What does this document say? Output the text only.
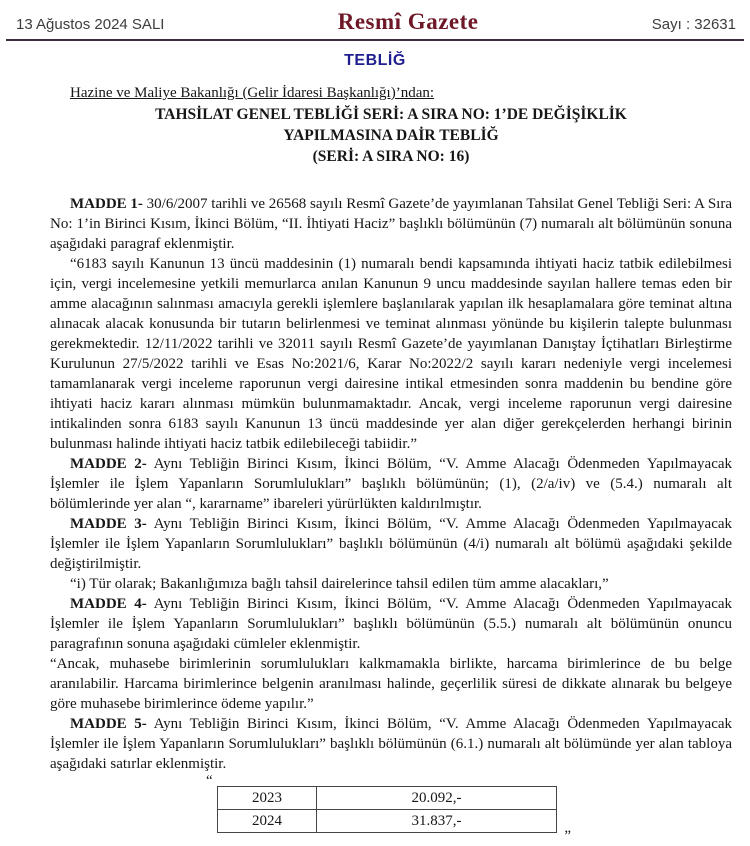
13 Ağustos 2024 SALI	Resmî Gazete	Sayı : 32631
TEBLİĞ

Hazine ve Maliye Bakanlığı (Gelir İdaresi Başkanlığı)’ndan:

TAHSİLAT GENEL TEBLİĞİ SERİ: A SIRA NO: 1’DE DEĞİŞİKLİK
YAPILMASINA DAİR TEBLİĞ
(SERİ: A SIRA NO: 16)

MADDE 1- 30/6/2007 tarihli ve 26568 sayılı Resmî Gazete’de yayımlanan Tahsilat Genel Tebliği Seri: A Sıra No: 1’in Birinci Kısım, İkinci Bölüm, “II. İhtiyati Haciz” başlıklı bölümünün (7) numaralı alt bölümünün sonuna aşağıdaki paragraf eklenmiştir.

“6183 sayılı Kanunun 13 üncü maddesinin (1) numaralı bendi kapsamında ihtiyati haciz tatbik edilebilmesi için, vergi incelemesine yetkili memurlarca anılan Kanunun 9 uncu maddesinde sayılan hallere temas eden bir amme alacağının salınması amacıyla gerekli işlemlere başlanılarak yapılan ilk hesaplamalara göre teminat altına alınacak alacak konusunda bir tutarın belirlenmesi ve teminat alınması yönünde bu kişilerin talepte bulunması gerekmektedir. 12/11/2022 tarihli ve 32011 sayılı Resmî Gazete’de yayımlanan Danıştay İçtihatları Birleştirme Kurulunun 27/5/2022 tarihli ve Esas No:2021/6, Karar No:2022/2 sayılı kararı nedeniyle vergi incelemesi tamamlanarak vergi inceleme raporunun vergi dairesine intikal etmesinden sonra maddenin bu bendine göre ihtiyati haciz kararı alınması mümkün bulunmamaktadır. Ancak, vergi inceleme raporunun vergi dairesine intikalinden sonra 6183 sayılı Kanunun 13 üncü maddesinde yer alan diğer gerekçelerden herhangi birinin bulunması halinde ihtiyati haciz tatbik edilebileceği tabiidir.”

MADDE 2- Aynı Tebliğin Birinci Kısım, İkinci Bölüm, “V. Amme Alacağı Ödenmeden Yapılmayacak İşlemler ile İşlem Yapanların Sorumlulukları” başlıklı bölümünün; (1), (2/a/iv) ve (5.4.) numaralı alt bölümlerinde yer alan “, kararname” ibareleri yürürlükten kaldırılmıştır.

MADDE 3- Aynı Tebliğin Birinci Kısım, İkinci Bölüm, “V. Amme Alacağı Ödenmeden Yapılmayacak İşlemler ile İşlem Yapanların Sorumlulukları” başlıklı bölümünün (4/i) numaralı alt bölümü aşağıdaki şekilde değiştirilmiştir.

“i) Tür olarak; Bakanlığımıza bağlı tahsil dairelerince tahsil edilen tüm amme alacakları,”

MADDE 4- Aynı Tebliğin Birinci Kısım, İkinci Bölüm, “V. Amme Alacağı Ödenmeden Yapılmayacak İşlemler ile İşlem Yapanların Sorumlulukları” başlıklı bölümünün (5.5.) numaralı alt bölümünün onuncu paragrafının sonuna aşağıdaki cümleler eklenmiştir.

“Ancak, muhasebe birimlerinin sorumlulukları kalkmamakla birlikte, harcama birimlerince de bu belge aranılabilir. Harcama birimlerince belgenin aranılması halinde, geçerlilik süresi de dikkate alınarak bu belgeye göre muhasebe birimlerince ödeme yapılır.”

MADDE 5- Aynı Tebliğin Birinci Kısım, İkinci Bölüm, “V. Amme Alacağı Ödenmeden Yapılmayacak İşlemler ile İşlem Yapanların Sorumlulukları” başlıklı bölümünün (6.1.) numaralı alt bölümünde yer alan tabloya aşağıdaki satırlar eklenmiştir.

“
2023	20.092,-
2024	31.837,-
”
